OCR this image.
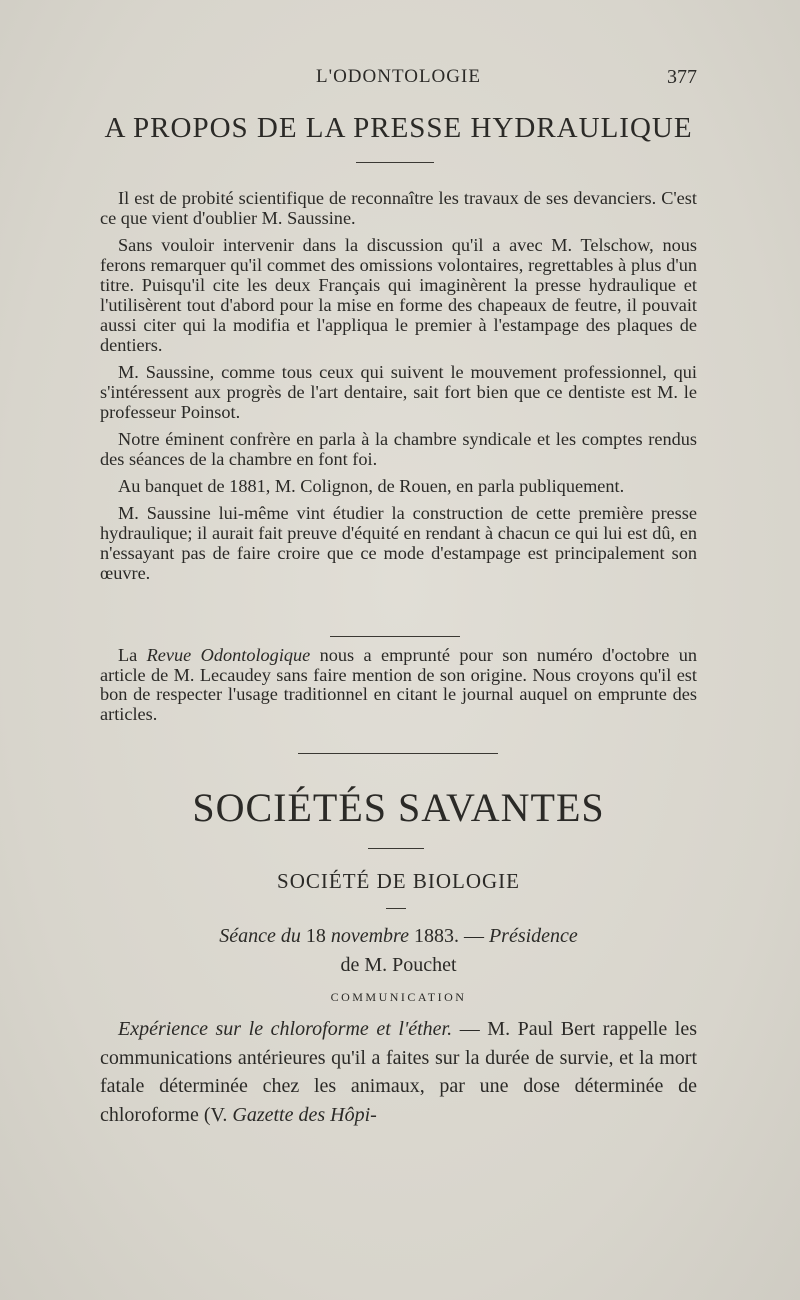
L'ODONTOLOGIE	377
A PROPOS DE LA PRESSE HYDRAULIQUE

Il est de probité scientifique de reconnaître les travaux de ses devanciers. C'est ce que vient d'oublier M. Saussine.

Sans vouloir intervenir dans la discussion qu'il a avec M. Telschow, nous ferons remarquer qu'il commet des omissions volontaires, regrettables à plus d'un titre. Puisqu'il cite les deux Français qui imaginèrent la presse hydraulique et l'utilisèrent tout d'abord pour la mise en forme des chapeaux de feutre, il pouvait aussi citer qui la modifia et l'appliqua le premier à l'estampage des plaques de dentiers.

M. Saussine, comme tous ceux qui suivent le mouvement professionnel, qui s'intéressent aux progrès de l'art dentaire, sait fort bien que ce dentiste est M. le professeur Poinsot.

Notre éminent confrère en parla à la chambre syndicale et les comptes rendus des séances de la chambre en font foi.

Au banquet de 1881, M. Colignon, de Rouen, en parla publiquement.

M. Saussine lui-même vint étudier la construction de cette première presse hydraulique; il aurait fait preuve d'équité en rendant à chacun ce qui lui est dû, en n'essayant pas de faire croire que ce mode d'estampage est principalement son œuvre.

La Revue Odontologique nous a emprunté pour son numéro d'octobre un article de M. Lecaudey sans faire mention de son origine. Nous croyons qu'il est bon de respecter l'usage traditionnel en citant le journal auquel on emprunte des articles.

SOCIÉTÉS SAVANTES
SOCIÉTÉ DE BIOLOGIE
Séance du 18 novembre 1883. — Présidence
de M. Pouchet
COMMUNICATION

Expérience sur le chloroforme et l'éther. — M. Paul Bert rappelle les communications antérieures qu'il a faites sur la durée de survie, et la mort fatale déterminée chez les animaux, par une dose déterminée de chloroforme (V. Gazette des Hôpi-
